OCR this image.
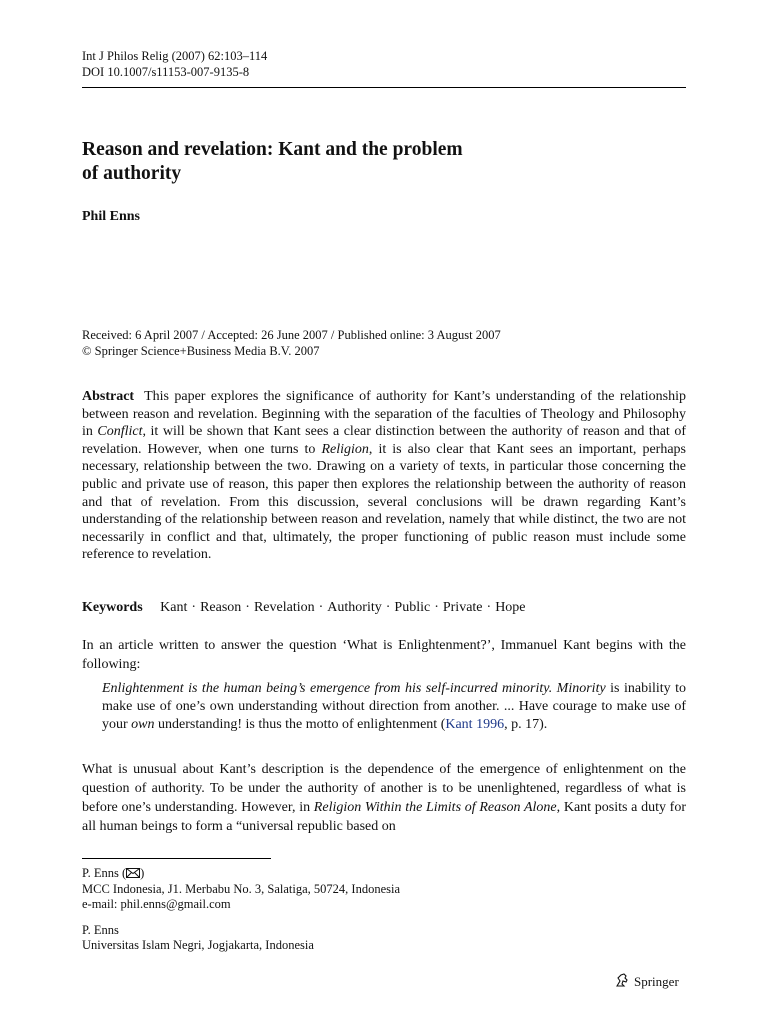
Int J Philos Relig (2007) 62:103–114
DOI 10.1007/s11153-007-9135-8
Reason and revelation: Kant and the problem
of authority
Phil Enns
Received: 6 April 2007 / Accepted: 26 June 2007 / Published online: 3 August 2007
© Springer Science+Business Media B.V. 2007
Abstract This paper explores the significance of authority for Kant’s understanding of the relationship between reason and revelation. Beginning with the separation of the faculties of Theology and Philosophy in Conflict, it will be shown that Kant sees a clear distinction between the authority of reason and that of revelation. However, when one turns to Religion, it is also clear that Kant sees an important, perhaps necessary, relationship between the two. Drawing on a variety of texts, in particular those concerning the public and private use of reason, this paper then explores the relationship between the authority of reason and that of revelation. From this discussion, several conclusions will be drawn regarding Kant’s understanding of the relationship between reason and revelation, namely that while distinct, the two are not necessarily in conflict and that, ultimately, the proper functioning of public reason must include some reference to revelation.
Keywords Kant · Reason · Revelation · Authority · Public · Private · Hope
In an article written to answer the question ‘What is Enlightenment?’, Immanuel Kant begins with the following:
Enlightenment is the human being’s emergence from his self-incurred minority. Minority is inability to make use of one’s own understanding without direction from another. ... Have courage to make use of your own understanding! is thus the motto of enlightenment (Kant 1996, p. 17).
What is unusual about Kant’s description is the dependence of the emergence of enlightenment on the question of authority. To be under the authority of another is to be unenlightened, regardless of what is before one’s understanding. However, in Religion Within the Limits of Reason Alone, Kant posits a duty for all human beings to form a “universal republic based on
P. Enns ( )
MCC Indonesia, J1. Merbabu No. 3, Salatiga, 50724, Indonesia
e-mail: phil.enns@gmail.com
P. Enns
Universitas Islam Negri, Jogjakarta, Indonesia
Springer
